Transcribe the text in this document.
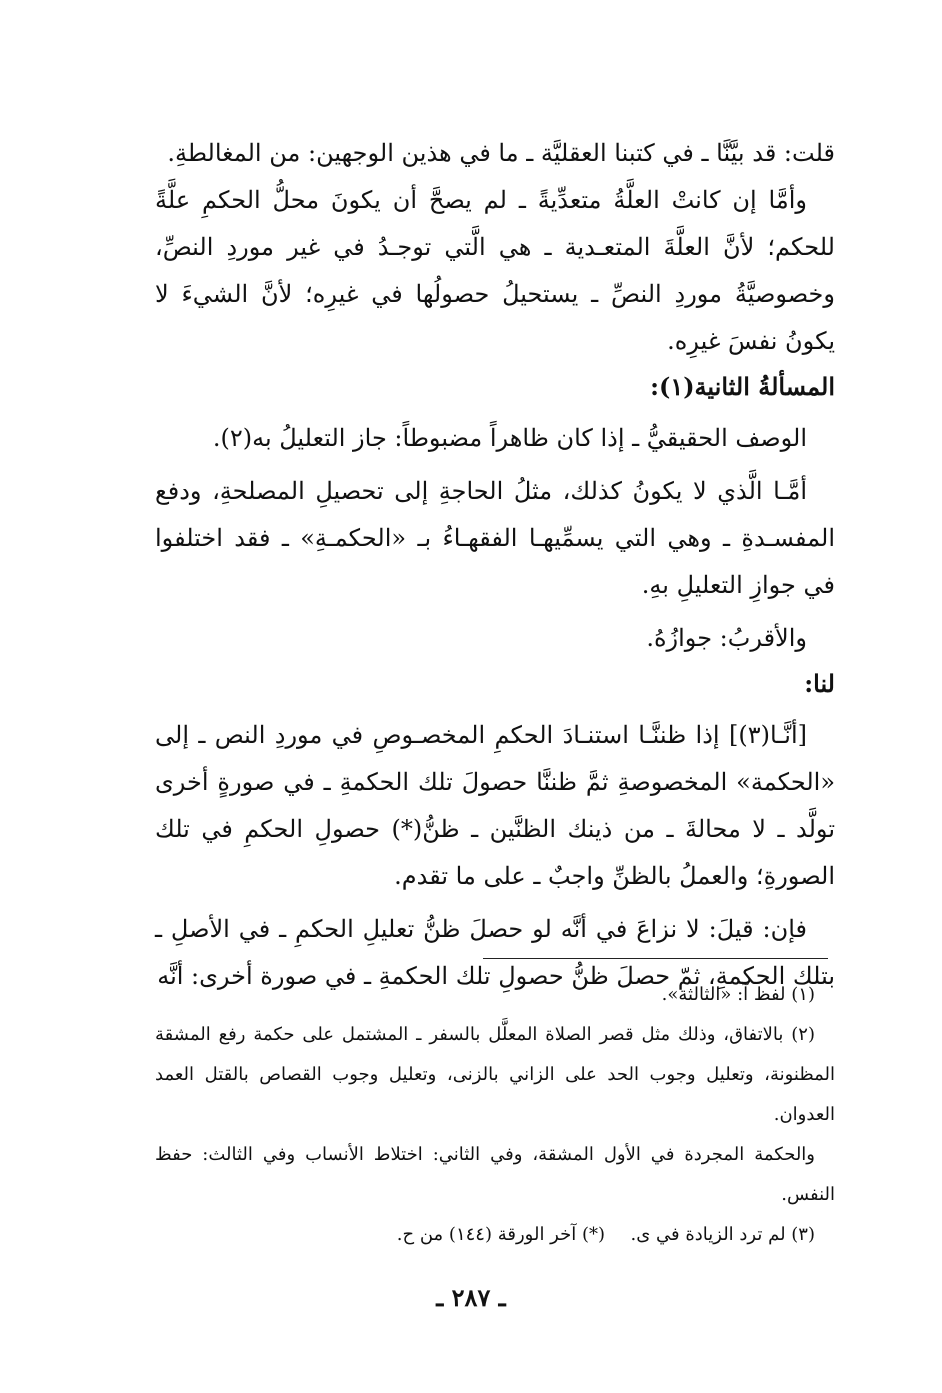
قلت: قد بيَّنَّا ـ في كتبنا العقليَّة ـ ما في هذين الوجهين: من المغالطةِ.

وأمَّا إن كانتْ العلَّةُ متعدِّيةً ـ لم يصحَّ أن يكونَ محلُّ الحكمِ علَّةً للحكم؛ لأنَّ العلَّةَ المتعـدية ـ هي الَّتي توجـدُ في غير موردِ النصِّ، وخصوصيَّةُ موردِ النصِّ ـ يستحيلُ حصولُها في غيرِه؛ لأنَّ الشيءَ لا يكونُ نفسَ غيرِه.

المسألةُ الثانية(١):

الوصف الحقيقيُّ ـ إذا كان ظاهراً مضبوطاً: جاز التعليلُ به(٢).

أمَّـا الَّذي لا يكونُ كذلك، مثلُ الحاجةِ إلى تحصيلِ المصلحةِ، ودفع المفسـدةِ ـ وهي التي يسمِّيهـا الفقهـاءُ بـ «الحكمـةِ» ـ فقد اختلفوا في جوازِ التعليلِ بهِ.

والأقربُ: جوازُهُ.

لنا:

[أنَّـا(٣)] إذا ظننَّـا استنـادَ الحكمِ المخصـوصِ في موردِ النص ـ إلى «الحكمة» المخصوصةِ ثمَّ ظننَّا حصولَ تلك الحكمةِ ـ في صورةٍ أخرى تولَّد ـ لا محالةَ ـ من ذينك الظنَّين ـ ظنُّ(*) حصولِ الحكمِ في تلك الصورةِ؛ والعملُ بالظنِّ واجبٌ ـ على ما تقدم.

فإن: قيلَ: لا نزاعَ في أنَّه لو حصلَ ظنُّ تعليلِ الحكمِ ـ في الأصلِ ـ بتلك الحكمةِ، ثمّ حصلَ ظنُّ حصولِ تلك الحكمةِ ـ في صورة أخرى: أنَّه

(١) لفظ آ: «الثالثة».

(٢) بالاتفاق، وذلك مثل قصر الصلاة المعلَّل بالسفر ـ المشتمل على حكمة رفع المشقة المظنونة، وتعليل وجوب الحد على الزاني بالزنى، وتعليل وجوب القصاص بالقتل العمد العدوان.

والحكمة المجردة في الأول المشقة، وفي الثاني: اختلاط الأنساب وفي الثالث: حفظ النفس.

(٣) لم ترد الزيادة في ى.
(*) آخر الورقة (١٤٤) من ح.
ـ ٢٨٧ ـ
